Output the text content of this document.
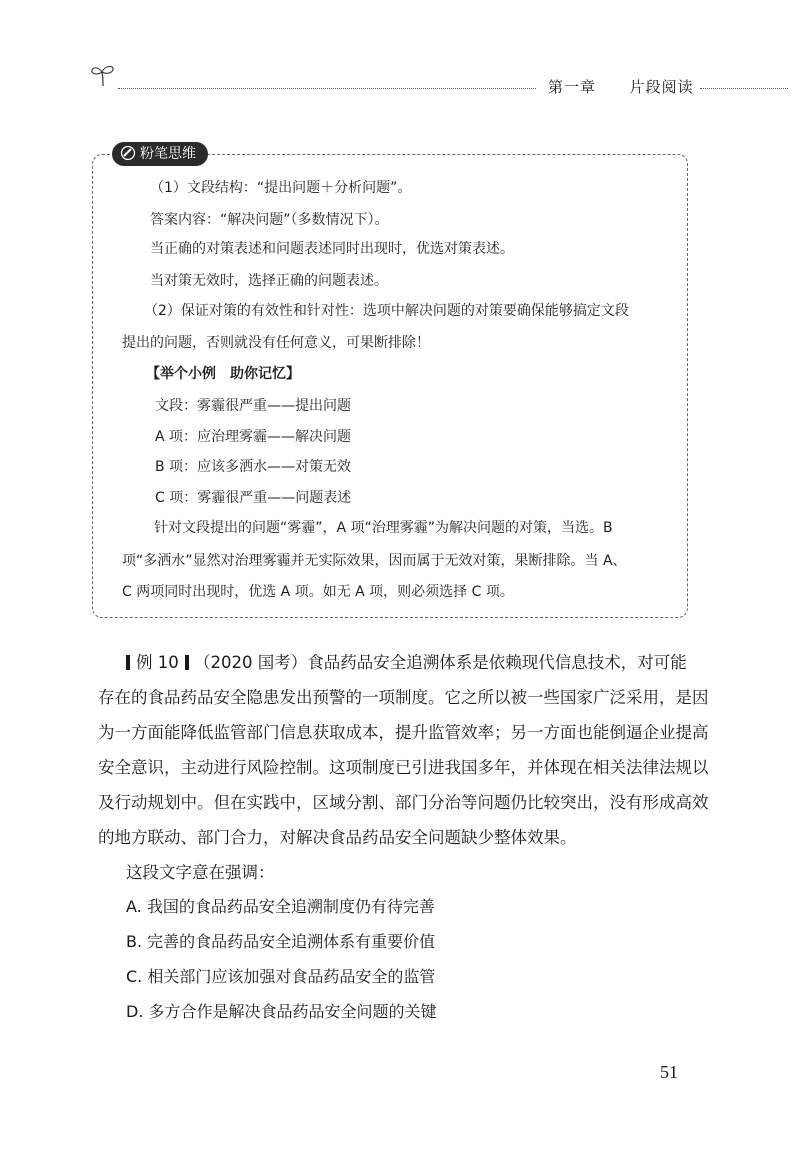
第一章 片段阅读
粉笔思维
（1）文段结构：“提出问题＋分析问题”。
答案内容：“解决问题”（多数情况下）。
当正确的对策表述和问题表述同时出现时，优选对策表述。
当对策无效时，选择正确的问题表述。
（2）保证对策的有效性和针对性：选项中解决问题的对策要确保能够搞定文段
提出的问题，否则就没有任何意义，可果断排除！
【举个小例　助你记忆】
文段：雾霾很严重——提出问题
A 项：应治理雾霾——解决问题
B 项：应该多洒水——对策无效
C 项：雾霾很严重——问题表述
针对文段提出的问题“雾霾”，A 项“治理雾霾”为解决问题的对策，当选。B
项“多洒水”显然对治理雾霾并无实际效果，因而属于无效对策，果断排除。当 A、
C 两项同时出现时，优选 A 项。如无 A 项，则必须选择 C 项。
例 10 （2020 国考）食品药品安全追溯体系是依赖现代信息技术，对可能
存在的食品药品安全隐患发出预警的一项制度。它之所以被一些国家广泛采用，是因
为一方面能降低监管部门信息获取成本，提升监管效率；另一方面也能倒逼企业提高
安全意识，主动进行风险控制。这项制度已引进我国多年，并体现在相关法律法规以
及行动规划中。但在实践中，区域分割、部门分治等问题仍比较突出，没有形成高效
的地方联动、部门合力，对解决食品药品安全问题缺少整体效果。
这段文字意在强调：
A. 我国的食品药品安全追溯制度仍有待完善
B. 完善的食品药品安全追溯体系有重要价值
C. 相关部门应该加强对食品药品安全的监管
D. 多方合作是解决食品药品安全问题的关键
51
